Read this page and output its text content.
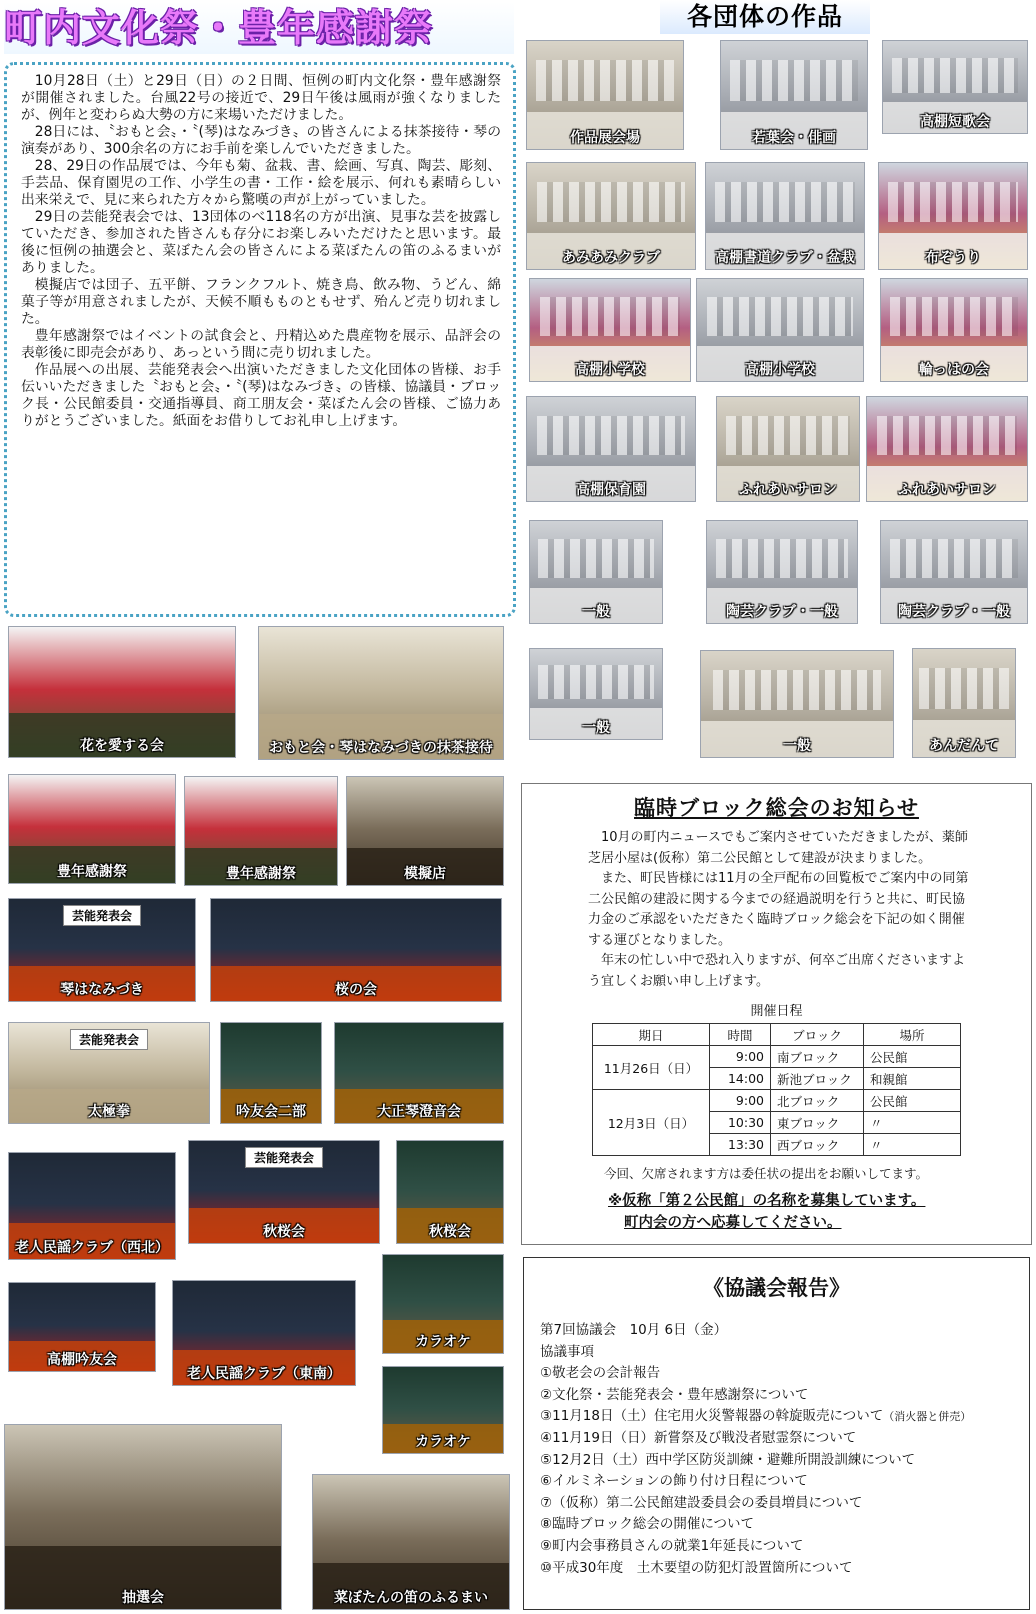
町内文化祭・豊年感謝祭	各団体の作品

10月28日（土）と29日（日）の２日間、恒例の町内文化祭・豊年感謝祭が開催されました。台風22号の接近で、29日午後は風雨が強くなりましたが、例年と変わらぬ大勢の方に来場いただけました。

28日には、〝おもと会〟・〝(琴)はなみづき〟の皆さんによる抹茶接待・琴の演奏があり、300余名の方にお手前を楽しんでいただきました。

28、29日の作品展では、今年も菊、盆栽、書、絵画、写真、陶芸、彫刻、手芸品、保育園児の工作、小学生の書・工作・絵を展示、何れも素晴らしい出来栄えで、見に来られた方々から驚嘆の声が上がっていました。

29日の芸能発表会では、13団体のべ118名の方が出演、見事な芸を披露していただき、参加された皆さんも存分にお楽しみいただけたと思います。最後に恒例の抽選会と、菜ぼたん会の皆さんによる菜ぼたんの笛のふるまいがありました。

模擬店では団子、五平餅、フランクフルト、焼き鳥、飲み物、うどん、綿菓子等が用意されましたが、天候不順もものともせず、殆んど売り切れました。

豊年感謝祭ではイベントの試食会と、丹精込めた農産物を展示、品評会の表彰後に即売会があり、あっという間に売り切れました。

作品展への出展、芸能発表会へ出演いただきました文化団体の皆様、お手伝いいただきました〝おもと会〟・〝(琴)はなみづき〟の皆様、協議員・ブロック長・公民館委員・交通指導員、商工朋友会・菜ぼたん会の皆様、ご協力ありがとうございました。紙面をお借りしてお礼申し上げます。

作品展会場	若葉会・俳画
高棚短歌会
あみあみクラブ	高棚書道クラブ・盆栽	布ぞうり
高棚小学校	高棚小学校	輪っはの会
高棚保育園	ふれあいサロン	ふれあいサロン
一般	陶芸クラブ・一般	陶芸クラブ・一般
一般
一般	あんだんて
花を愛する会	おもと会・琴はなみづきの抹茶接待
豊年感謝祭	豊年感謝祭	模擬店
芸能発表会
琴はなみづき	桜の会
芸能発表会
太極拳	吟友会二部	大正琴澄音会
老人民謡クラブ（西北）
芸能発表会
秋桜会	秋桜会
カラオケ
高棚吟友会
老人民謡クラブ（東南）
カラオケ
抽選会	菜ぼたんの笛のふるまい
臨時ブロック総会のお知らせ

10月の町内ニュースでもご案内させていただきましたが、薬師芝居小屋は(仮称）第二公民館として建設が決まりました。

また、町民皆様には11月の全戸配布の回覧板でご案内中の同第二公民館の建設に関する今までの経過説明を行うと共に、町民協力金のご承認をいただきたく臨時ブロック総会を下記の如く開催する運びとなりました。

年末の忙しい中で恐れ入りますが、何卒ご出席くださいますよう宜しくお願い申し上げます。

開催日程
期日	時間	ブロック	場所
11月26日（日）	9:00	南ブロック	公民館
	14:00	新池ブロック	和親館
12月3日（日）	9:00	北ブロック	公民館
	10:30	東ブロック	〃
	13:30	西ブロック	〃
今回、欠席されます方は委任状の提出をお願いしてます。
※仮称「第２公民館」の名称を募集しています。
町内会の方へ応募してください。
《協議会報告》
第7回協議会　10月 6日（金）
協議事項
①敬老会の会計報告
②文化祭・芸能発表会・豊年感謝祭について
③11月18日（土）住宅用火災警報器の斡旋販売について（消火器と併売）
④11月19日（日）新嘗祭及び戦没者慰霊祭について
⑤12月2日（土）西中学区防災訓練・避難所開設訓練について
⑥イルミネーションの飾り付け日程について
⑦（仮称）第二公民館建設委員会の委員増員について
⑧臨時ブロック総会の開催について
⑨町内会事務員さんの就業1年延長について
⑩平成30年度　土木要望の防犯灯設置箇所について
